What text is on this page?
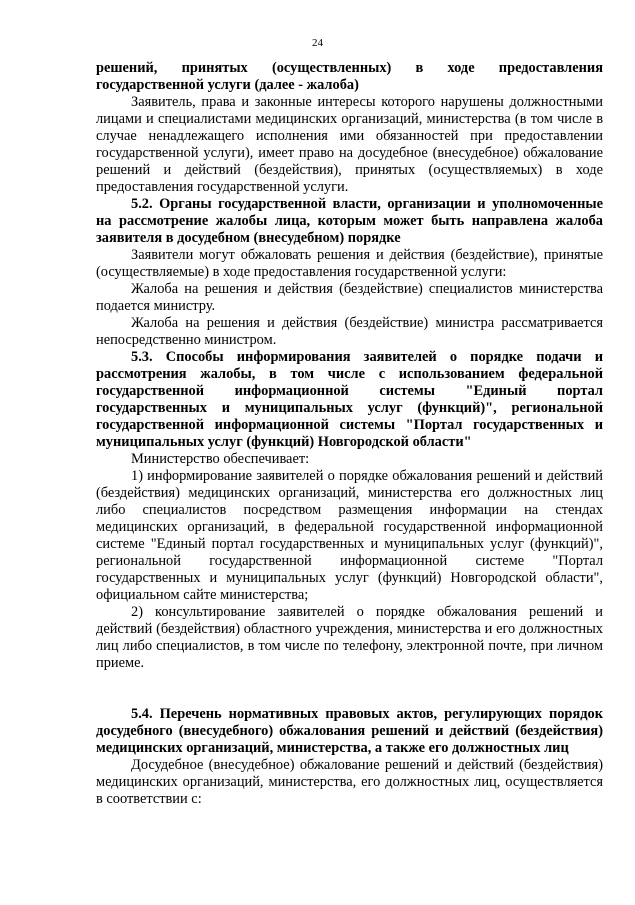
24

решений, принятых (осуществленных) в ходе предоставления государственной услуги (далее - жалоба)

Заявитель, права и законные интересы которого нарушены должностными лицами и специалистами медицинских организаций, министерства (в том числе в случае ненадлежащего исполнения ими обязанностей при предоставлении государственной услуги), имеет право на досудебное (внесудебное) обжалование решений и действий (бездействия), принятых (осуществляемых) в ходе предоставления государственной услуги.

5.2. Органы государственной власти, организации и уполномоченные на рассмотрение жалобы лица, которым может быть направлена жалоба заявителя в досудебном (внесудебном) порядке

Заявители могут обжаловать решения и действия (бездействие), принятые (осуществляемые) в ходе предоставления государственной услуги:

Жалоба на решения и действия (бездействие) специалистов министерства подается министру.

Жалоба на решения и действия (бездействие) министра рассматривается непосредственно министром.

5.3. Способы информирования заявителей о порядке подачи и рассмотрения жалобы, в том числе с использованием федеральной государственной информационной системы "Единый портал государственных и муниципальных услуг (функций)", региональной государственной информационной системы "Портал государственных и муниципальных услуг (функций) Новгородской области"

Министерство обеспечивает:

1) информирование заявителей о порядке обжалования решений и действий (бездействия) медицинских организаций, министерства его должностных лиц либо специалистов посредством размещения информации на стендах медицинских организаций, в федеральной государственной информационной системе "Единый портал государственных и муниципальных услуг (функций)", региональной государственной информационной системе "Портал государственных и муниципальных услуг (функций) Новгородской области", официальном сайте министерства;

2) консультирование заявителей о порядке обжалования решений и действий (бездействия) областного учреждения, министерства и его должностных лиц либо специалистов, в том числе по телефону, электронной почте, при личном приеме.

5.4. Перечень нормативных правовых актов, регулирующих порядок досудебного (внесудебного) обжалования решений и действий (бездействия) медицинских организаций, министерства, а также его должностных лиц

Досудебное (внесудебное) обжалование решений и действий (бездействия) медицинских организаций, министерства, его должностных лиц, осуществляется в соответствии с:
